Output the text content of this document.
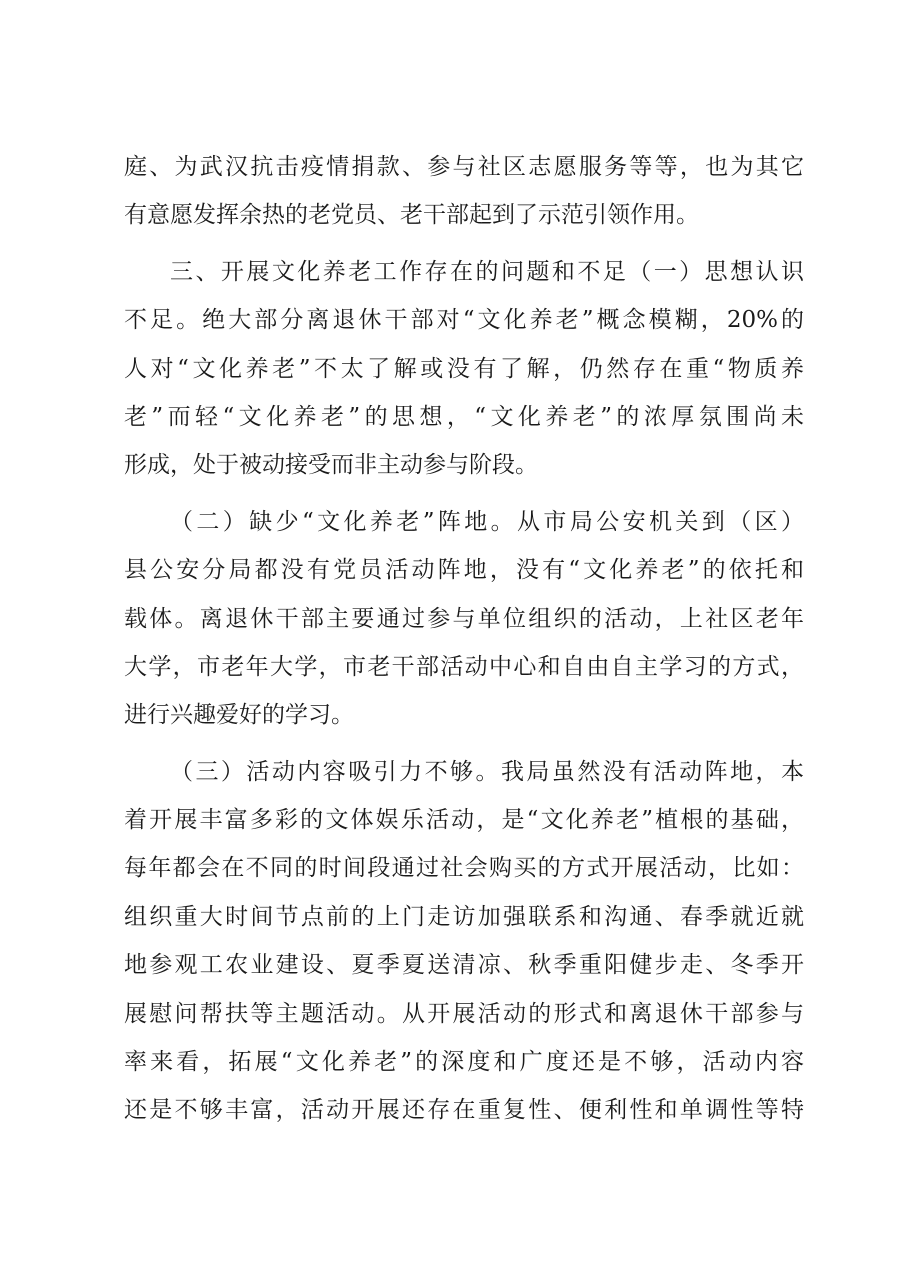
庭、为武汉抗击疫情捐款、参与社区志愿服务等等，也为其它
有意愿发挥余热的老党员、老干部起到了示范引领作用。
三、开展文化养老工作存在的问题和不足（一）思想认识
不足。绝大部分离退休干部对“文化养老”概念模糊，20%的
人对“文化养老”不太了解或没有了解，仍然存在重“物质养
老”而轻“文化养老”的思想，“文化养老”的浓厚氛围尚未
形成，处于被动接受而非主动参与阶段。
（二）缺少“文化养老”阵地。从市局公安机关到（区）
县公安分局都没有党员活动阵地，没有“文化养老”的依托和
载体。离退休干部主要通过参与单位组织的活动，上社区老年
大学，市老年大学，市老干部活动中心和自由自主学习的方式，
进行兴趣爱好的学习。
（三）活动内容吸引力不够。我局虽然没有活动阵地，本
着开展丰富多彩的文体娱乐活动，是“文化养老”植根的基础，
每年都会在不同的时间段通过社会购买的方式开展活动，比如：
组织重大时间节点前的上门走访加强联系和沟通、春季就近就
地参观工农业建设、夏季夏送清凉、秋季重阳健步走、冬季开
展慰问帮扶等主题活动。从开展活动的形式和离退休干部参与
率来看，拓展“文化养老”的深度和广度还是不够，活动内容
还是不够丰富，活动开展还存在重复性、便利性和单调性等特
